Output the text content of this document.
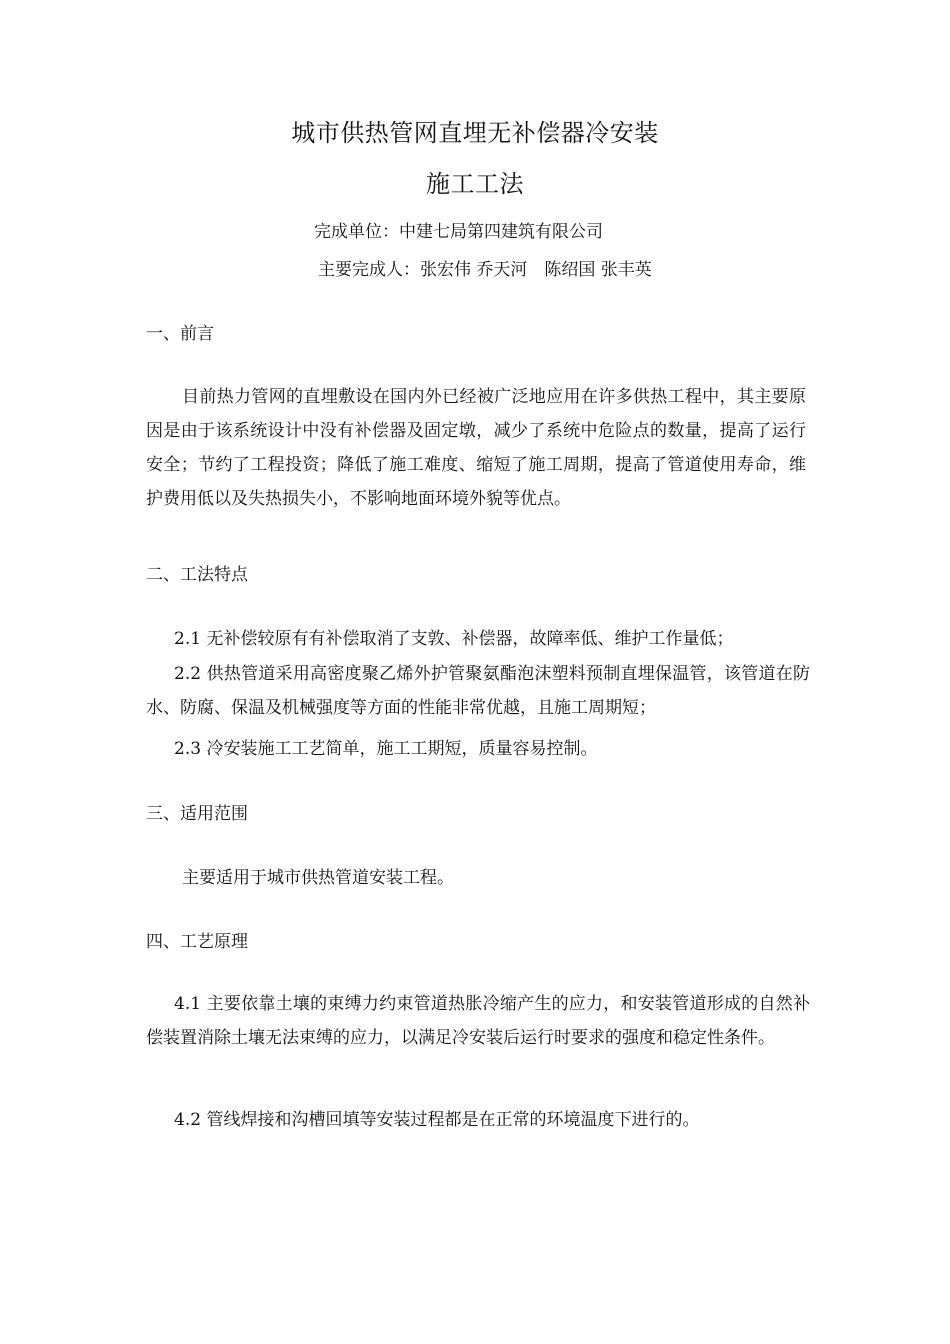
城市供热管网直埋无补偿器冷安装
施工工法
完成单位：中建七局第四建筑有限公司
主要完成人：张宏伟 乔天河　陈绍国 张丰英
一、前言
目前热力管网的直埋敷设在国内外已经被广泛地应用在许多供热工程中，其主要原因是由于该系统设计中没有补偿器及固定墩，减少了系统中危险点的数量，提高了运行安全；节约了工程投资；降低了施工难度、缩短了施工周期，提高了管道使用寿命，维护费用低以及失热损失小，不影响地面环境外貌等优点。
二、工法特点
2.1 无补偿较原有有补偿取消了支敦、补偿器，故障率低、维护工作量低；
2.2 供热管道采用高密度聚乙烯外护管聚氨酯泡沫塑料预制直埋保温管，该管道在防水、防腐、保温及机械强度等方面的性能非常优越，且施工周期短；
2.3 冷安装施工工艺简单，施工工期短，质量容易控制。
三、适用范围
主要适用于城市供热管道安装工程。
四、工艺原理
4.1 主要依靠土壤的束缚力约束管道热胀冷缩产生的应力，和安装管道形成的自然补偿装置消除土壤无法束缚的应力，以满足冷安装后运行时要求的强度和稳定性条件。
4.2 管线焊接和沟槽回填等安装过程都是在正常的环境温度下进行的。
